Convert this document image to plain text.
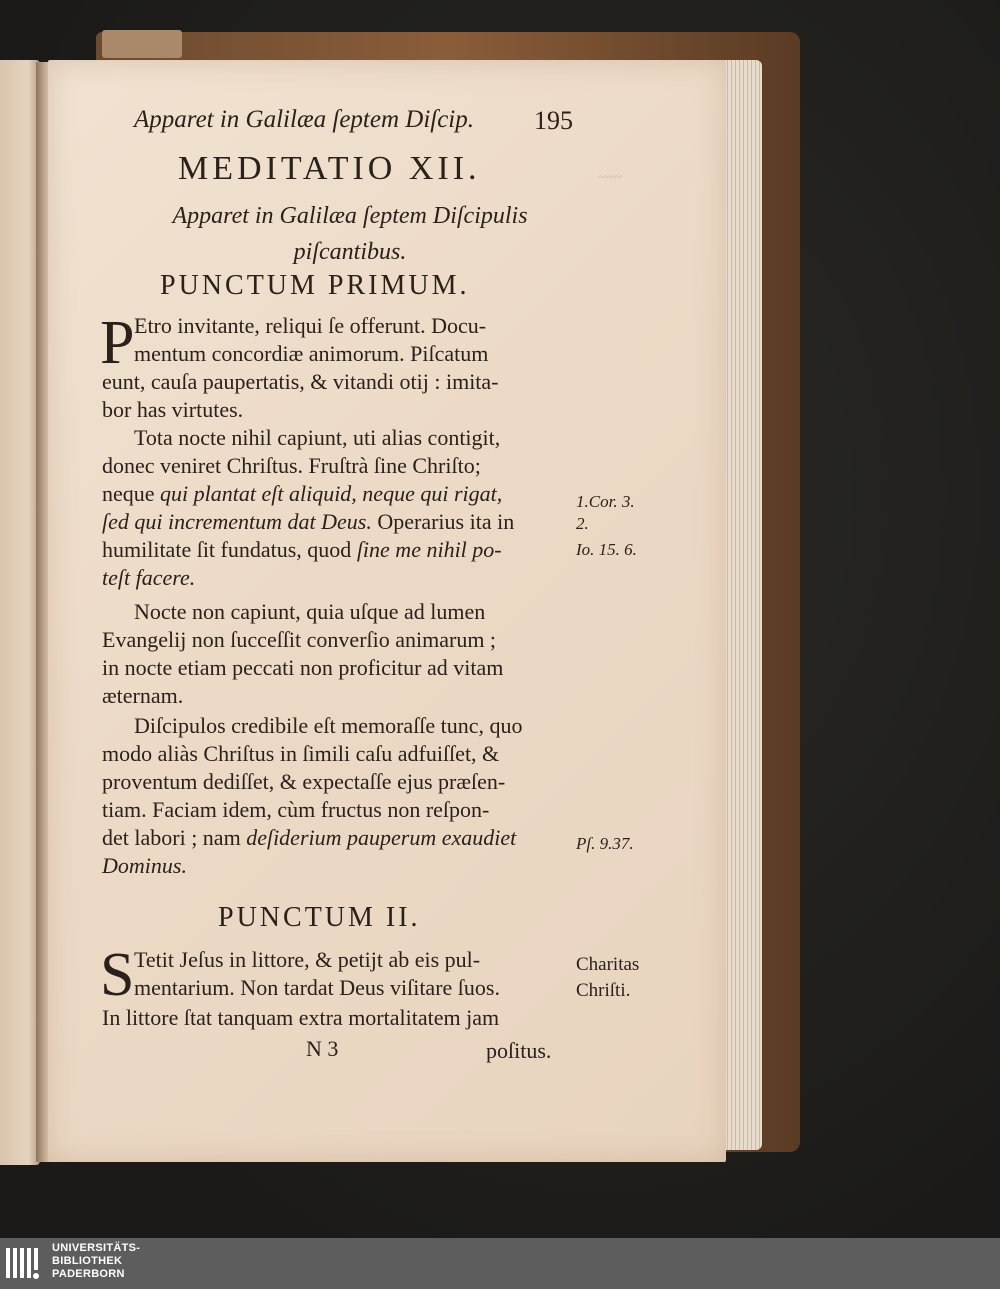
~~~
Apparet in Galilæa ſeptem Diſcip.	195
MEDITATIO XII.
Apparet in Galilæa ſeptem Diſcipulis
piſcantibus.
PUNCTUM PRIMUM.
P Etro invitante, reliqui ſe offerunt. Docu-
mentum concordiæ animorum. Piſcatum
eunt, cauſa paupertatis, & vitandi otij : imita-
bor has virtutes.
Tota nocte nihil capiunt, uti alias contigit,
donec veniret Chriſtus. Fruſtrà ſine Chriſto;
neque qui plantat eſt aliquid, neque qui rigat,
ſed qui incrementum dat Deus. Operarius ita in
humilitate ſit fundatus, quod ſine me nihil po-
teſt facere.
Nocte non capiunt, quia uſque ad lumen
Evangelij non ſucceſſit converſio animarum ;
in nocte etiam peccati non proficitur ad vitam
æternam.
Diſcipulos credibile eſt memoraſſe tunc, quo
modo aliàs Chriſtus in ſimili caſu adfuiſſet, &
proventum dediſſet, & expectaſſe ejus præſen-
tiam. Faciam idem, cùm fructus non reſpon-
det labori ; nam deſiderium pauperum exaudiet
Dominus.
PUNCTUM II.
S Tetit Jeſus in littore, & petijt ab eis pul-
mentarium. Non tardat Deus viſitare ſuos.
In littore ſtat tanquam extra mortalitatem jam
1.Cor. 3.
2.
Io. 15. 6.
Pſ. 9.37.
Charitas
Chriſti.
N 3	poſitus.
UNIVERSITÄTS-
BIBLIOTHEK
PADERBORN
